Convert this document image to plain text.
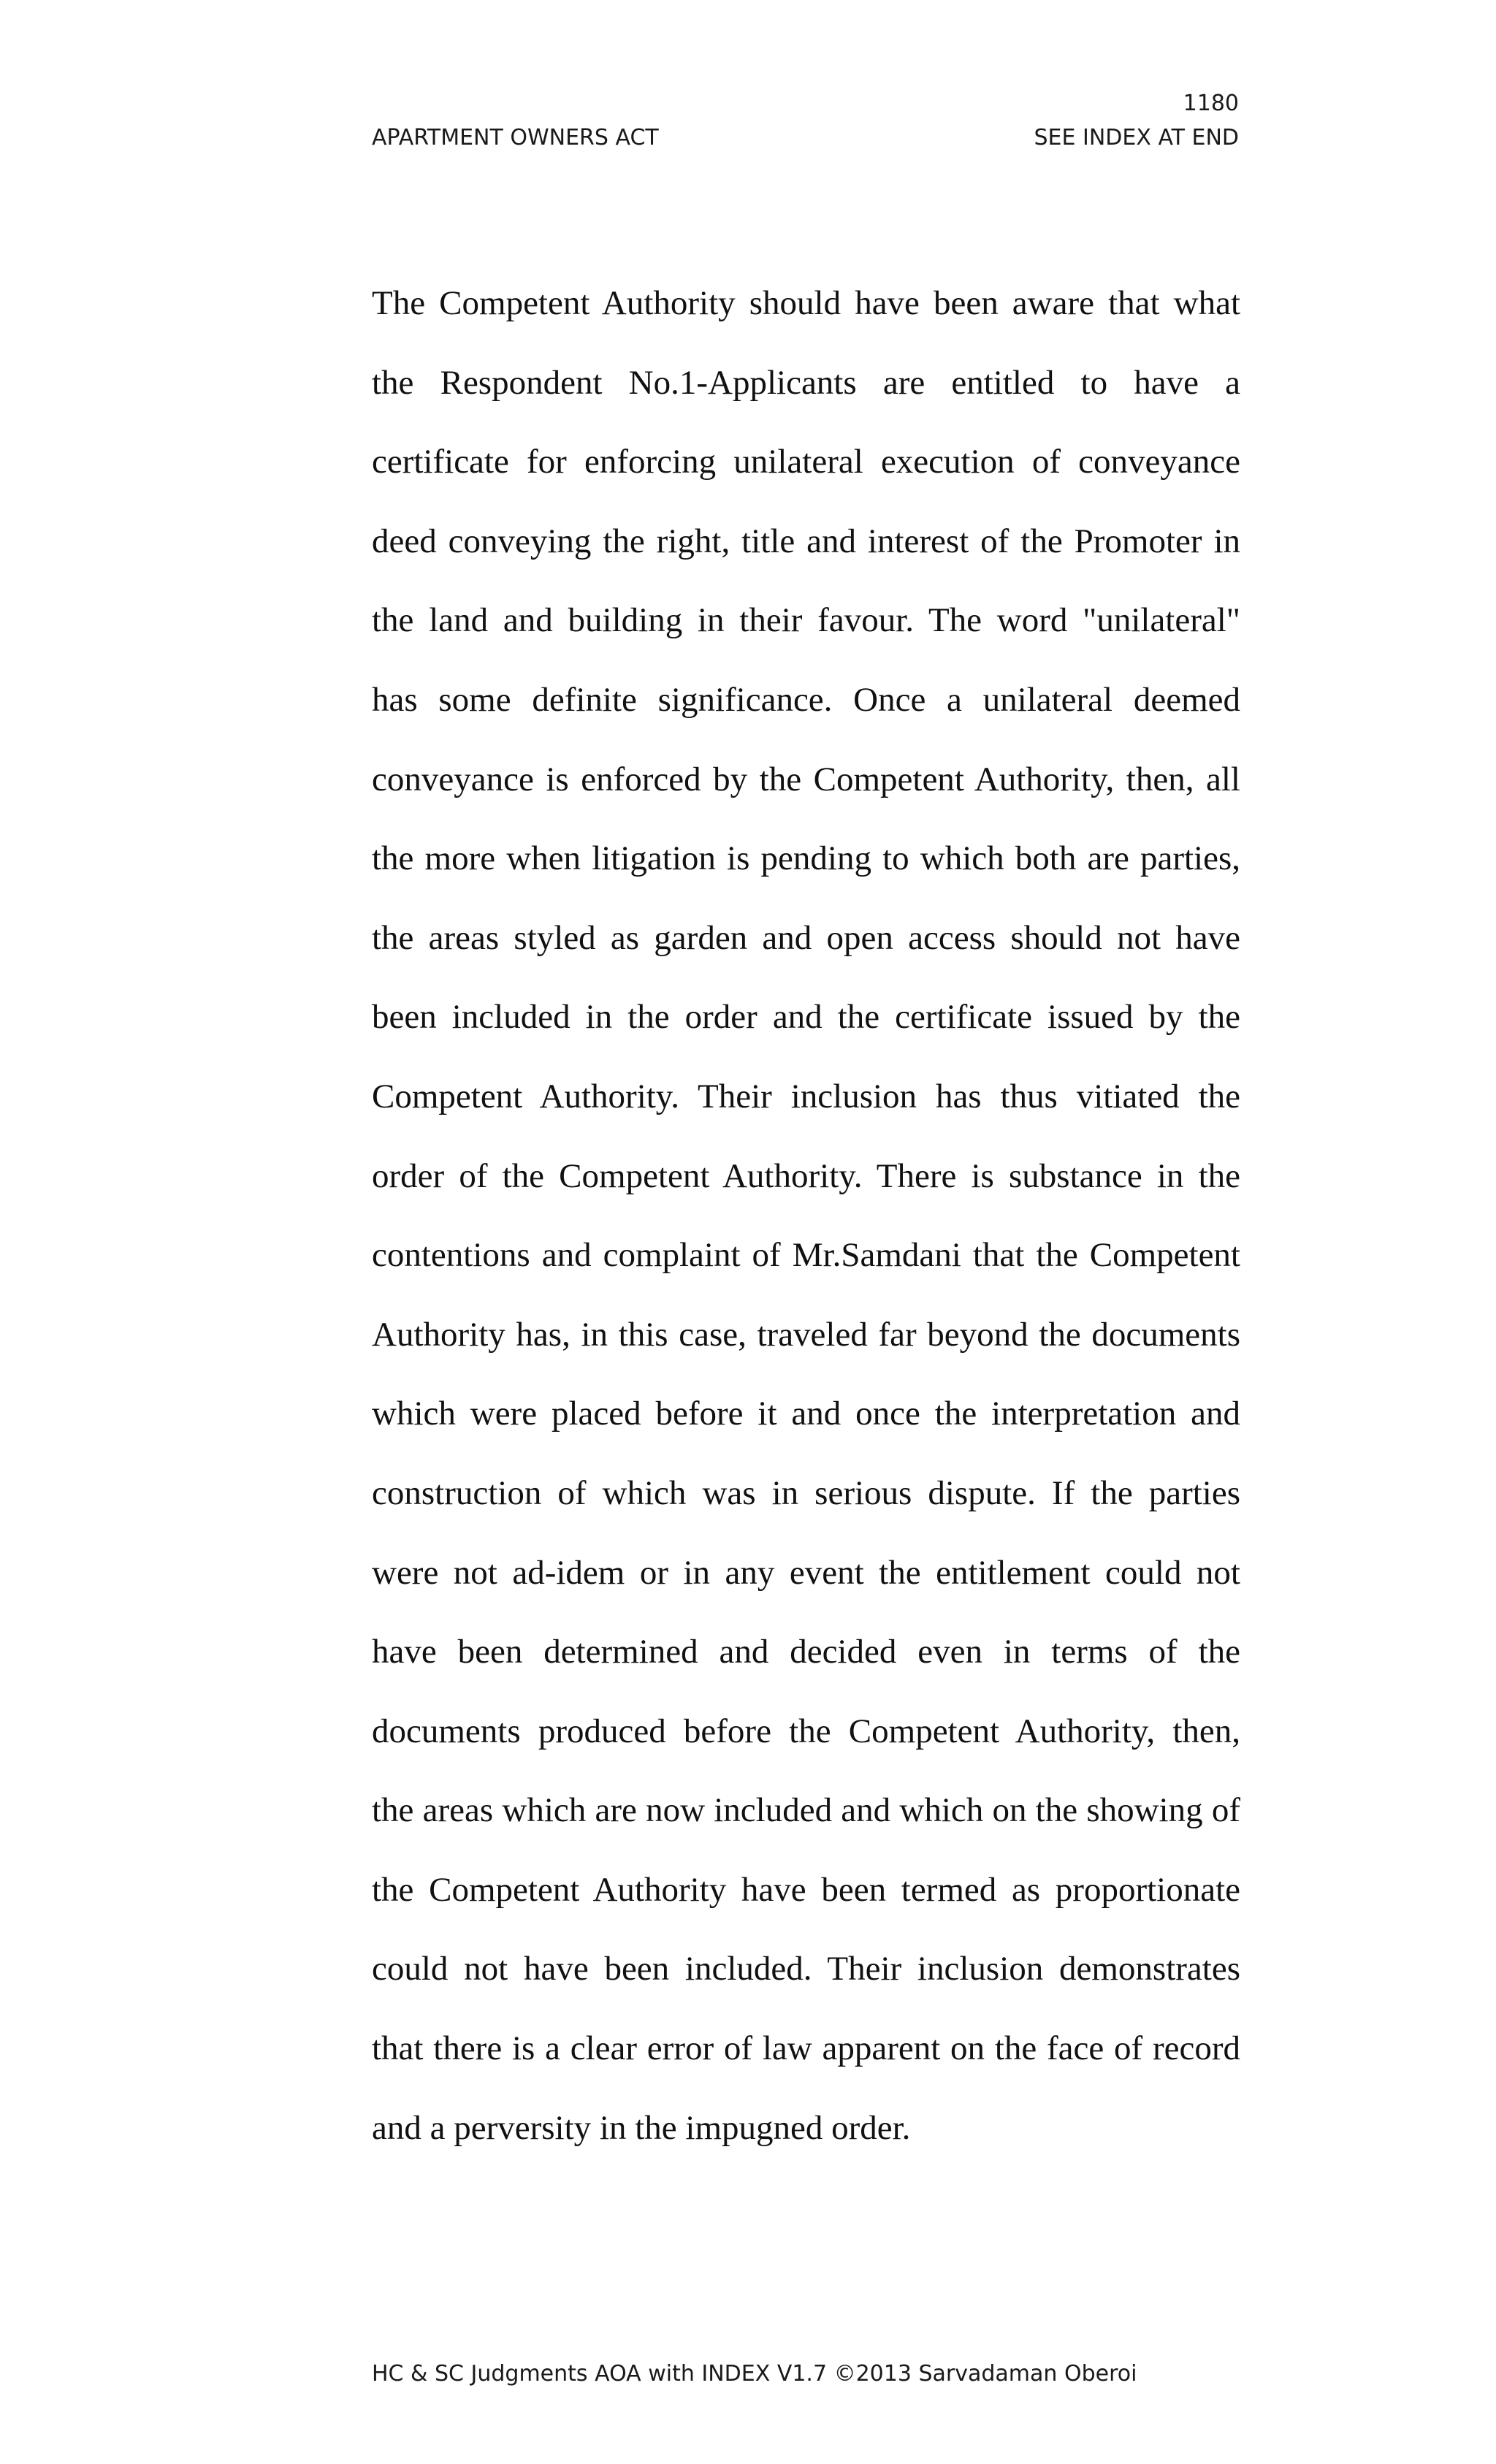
1180
APARTMENT OWNERS ACT	SEE INDEX AT END

The Competent Authority should have been aware that what
the Respondent No.1-Applicants are entitled to have a
certificate for enforcing unilateral execution of conveyance
deed conveying the right, title and interest of the Promoter in
the land and building in their favour. The word "unilateral"
has some definite significance. Once a unilateral deemed
conveyance is enforced by the Competent Authority, then, all
the more when litigation is pending to which both are parties,
the areas styled as garden and open access should not have
been included in the order and the certificate issued by the
Competent Authority. Their inclusion has thus vitiated the
order of the Competent Authority. There is substance in the
contentions and complaint of Mr.Samdani that the Competent
Authority has, in this case, traveled far beyond the documents
which were placed before it and once the interpretation and
construction of which was in serious dispute. If the parties
were not ad-idem or in any event the entitlement could not
have been determined and decided even in terms of the
documents produced before the Competent Authority, then,
the areas which are now included and which on the showing of
the Competent Authority have been termed as proportionate
could not have been included. Their inclusion demonstrates
that there is a clear error of law apparent on the face of record
and a perversity in the impugned order.

HC & SC Judgments AOA with INDEX V1.7 ©2013 Sarvadaman Oberoi
